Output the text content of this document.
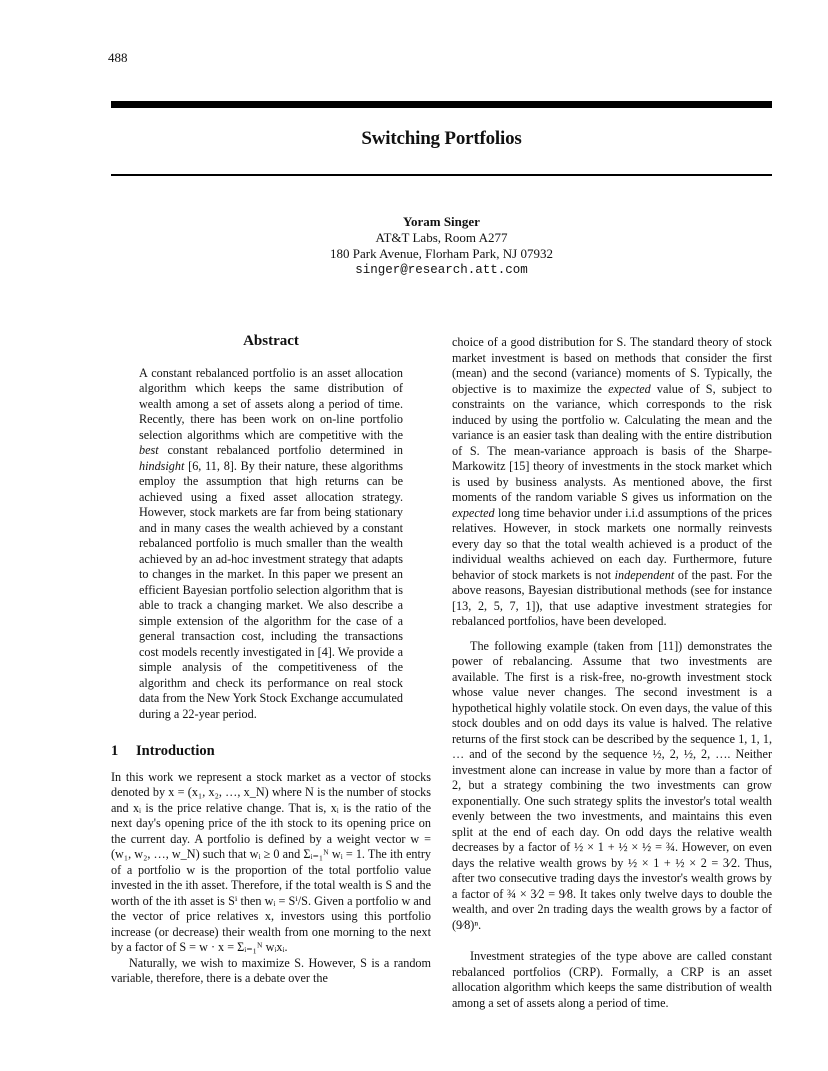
488
Switching Portfolios
Yoram Singer
AT&T Labs, Room A277
180 Park Avenue, Florham Park, NJ 07932
singer@research.att.com

Abstract

A constant rebalanced portfolio is an asset allocation algorithm which keeps the same distribution of wealth among a set of assets along a period of time. Recently, there has been work on on-line portfolio selection algorithms which are competitive with the best constant rebalanced portfolio determined in hindsight [6, 11, 8]. By their nature, these algorithms employ the assumption that high returns can be achieved using a fixed asset allocation strategy. However, stock markets are far from being stationary and in many cases the wealth achieved by a constant rebalanced portfolio is much smaller than the wealth achieved by an ad-hoc investment strategy that adapts to changes in the market. In this paper we present an efficient Bayesian portfolio selection algorithm that is able to track a changing market. We also describe a simple extension of the algorithm for the case of a general transaction cost, including the transactions cost models recently investigated in [4]. We provide a simple analysis of the competitiveness of the algorithm and check its performance on real stock data from the New York Stock Exchange accumulated during a 22-year period.

1 Introduction

In this work we represent a stock market as a vector of stocks denoted by x = (x₁, x₂, …, x_N) where N is the number of stocks and xᵢ is the price relative change. That is, xᵢ is the ratio of the next day's opening price of the ith stock to its opening price on the current day. A portfolio is defined by a weight vector w = (w₁, w₂, …, w_N) such that wᵢ ≥ 0 and Σᵢ₌₁ᴺ wᵢ = 1. The ith entry of a portfolio w is the proportion of the total portfolio value invested in the ith asset. Therefore, if the total wealth is S and the worth of the ith asset is Sⁱ then wᵢ = Sⁱ/S. Given a portfolio w and the vector of price relatives x, investors using this portfolio increase (or decrease) their wealth from one morning to the next by a factor of S = w · x = Σᵢ₌₁ᴺ wᵢxᵢ.

Naturally, we wish to maximize S. However, S is a random variable, therefore, there is a debate over the

choice of a good distribution for S. The standard theory of stock market investment is based on methods that consider the first (mean) and the second (variance) moments of S. Typically, the objective is to maximize the expected value of S, subject to constraints on the variance, which corresponds to the risk induced by using the portfolio w. Calculating the mean and the variance is an easier task than dealing with the entire distribution of S. The mean-variance approach is basis of the Sharpe-Markowitz [15] theory of investments in the stock market which is used by business analysts. As mentioned above, the first moments of the random variable S gives us information on the expected long time behavior under i.i.d assumptions of the prices relatives. However, in stock markets one normally reinvests every day so that the total wealth achieved is a product of the individual wealths achieved on each day. Furthermore, future behavior of stock markets is not independent of the past. For the above reasons, Bayesian distributional methods (see for instance [13, 2, 5, 7, 1]), that use adaptive investment strategies for rebalanced portfolios, have been developed.

The following example (taken from [11]) demonstrates the power of rebalancing. Assume that two investments are available. The first is a risk-free, no-growth investment stock whose value never changes. The second investment is a hypothetical highly volatile stock. On even days, the value of this stock doubles and on odd days its value is halved. The relative returns of the first stock can be described by the sequence 1, 1, 1, … and of the second by the sequence ½, 2, ½, 2, …. Neither investment alone can increase in value by more than a factor of 2, but a strategy combining the two investments can grow exponentially. One such strategy splits the investor's total wealth evenly between the two investments, and maintains this even split at the end of each day. On odd days the relative wealth decreases by a factor of ½ × 1 + ½ × ½ = ¾. However, on even days the relative wealth grows by ½ × 1 + ½ × 2 = 3⁄2. Thus, after two consecutive trading days the investor's wealth grows by a factor of ¾ × 3⁄2 = 9⁄8. It takes only twelve days to double the wealth, and over 2n trading days the wealth grows by a factor of (9⁄8)ⁿ.

Investment strategies of the type above are called constant rebalanced portfolios (CRP). Formally, a CRP is an asset allocation algorithm which keeps the same distribution of wealth among a set of assets along a period of time.
